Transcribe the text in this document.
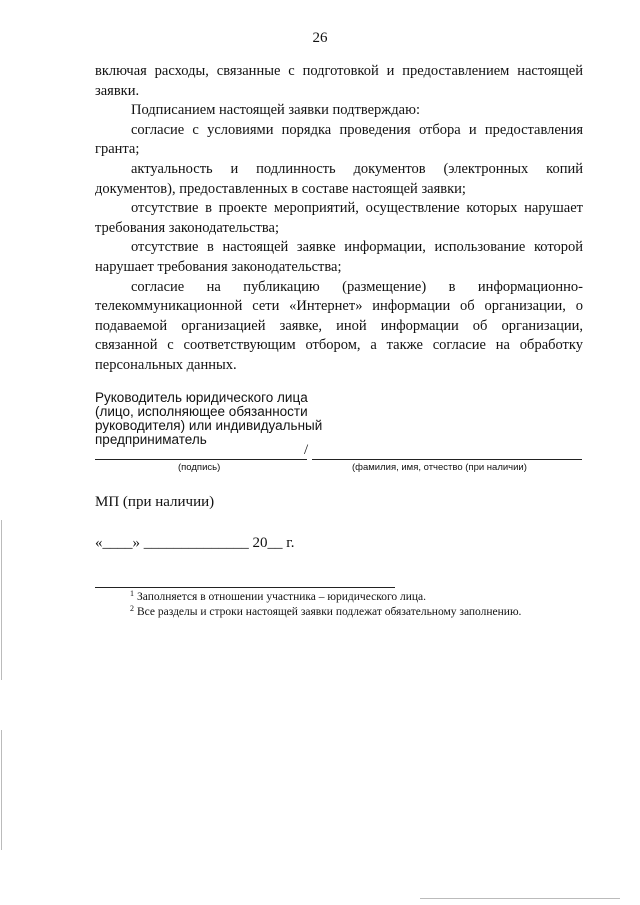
26

включая расходы, связанные с подготовкой и предоставлением настоящей заявки.

Подписанием настоящей заявки подтверждаю:

согласие с условиями порядка проведения отбора и предоставления гранта;

актуальность и подлинность документов (электронных копий документов), предоставленных в составе настоящей заявки;

отсутствие в проекте мероприятий, осуществление которых нарушает требования законодательства;

отсутствие в настоящей заявке информации, использование которой нарушает требования законодательства;

согласие на публикацию (размещение) в информационно-телекоммуникационной сети «Интернет» информации об организации, о подаваемой организацией заявке, иной информации об организации, связанной с соответствующим отбором, а также согласие на обработку персональных данных.

Руководитель юридического лица
(лицо, исполняющее обязанности
руководителя) или индивидуальный
предприниматель
/
(подпись)	(фамилия, имя, отчество (при наличии)
МП (при наличии)
«____» ______________ 20__ г.
$^1$ Заполняется в отношении участника – юридического лица.
$^2$ Все разделы и строки настоящей заявки подлежат обязательному заполнению.
